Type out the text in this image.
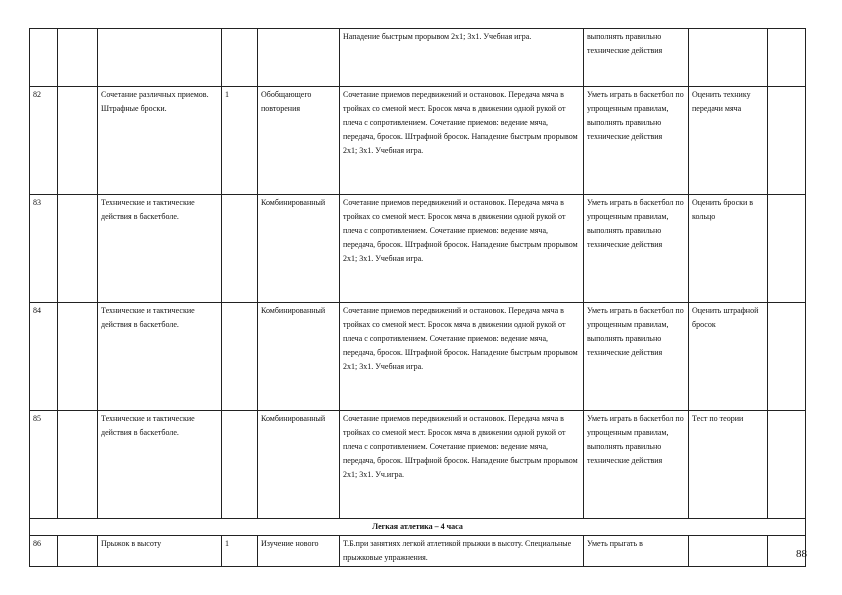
					Нападение быстрым прорывом 2х1; 3х1. Учебная игра.	выполнять правильно технические действия		
82		Сочетание различных приемов. Штрафные броски.	1	Обобщающего повторения	Сочетание приемов передвижений и остановок. Передача мяча в тройках со сменой мест. Бросок мяча в движении одной рукой от плеча с сопротивлением. Сочетание приемов: ведение мяча, передача, бросок. Штрафной бросок. Нападение быстрым прорывом 2х1; 3х1. Учебная игра.	Уметь играть в баскетбол по упрощенным правилам, выполнять правильно технические действия	Оценить технику передачи мяча	
83		Технические и тактические действия в баскетболе.		Комбинированный	Сочетание приемов передвижений и остановок. Передача мяча в тройках со сменой мест. Бросок мяча в движении одной рукой от плеча с сопротивлением. Сочетание приемов: ведение мяча, передача, бросок. Штрафной бросок. Нападение быстрым прорывом 2х1; 3х1. Учебная игра.	Уметь играть в баскетбол по упрощенным правилам, выполнять правильно технические действия	Оценить броски в кольцо	
84		Технические и тактические действия в баскетболе.		Комбинированный	Сочетание приемов передвижений и остановок. Передача мяча в тройках со сменой мест. Бросок мяча в движении одной рукой от плеча с сопротивлением. Сочетание приемов: ведение мяча, передача, бросок. Штрафной бросок. Нападение быстрым прорывом 2х1; 3х1. Учебная игра.	Уметь играть в баскетбол по упрощенным правилам, выполнять правильно технические действия	Оценить штрафной бросок	
85		Технические и тактические действия в баскетболе.		Комбинированный	Сочетание приемов передвижений и остановок. Передача мяча в тройках со сменой мест. Бросок мяча в движении одной рукой от плеча с сопротивлением. Сочетание приемов: ведение мяча, передача, бросок. Штрафной бросок. Нападение быстрым прорывом 2х1; 3х1. Уч.игра.	Уметь играть в баскетбол по упрощенным правилам, выполнять правильно технические действия	Тест по теории	
Легкая атлетика – 4 часа								
86		Прыжок в высоту	1	Изучение нового	Т.Б.при занятиях легкой атлетикой прыжки в высоту. Специальные прыжковые упражнения.	Уметь прыгать в		
88
